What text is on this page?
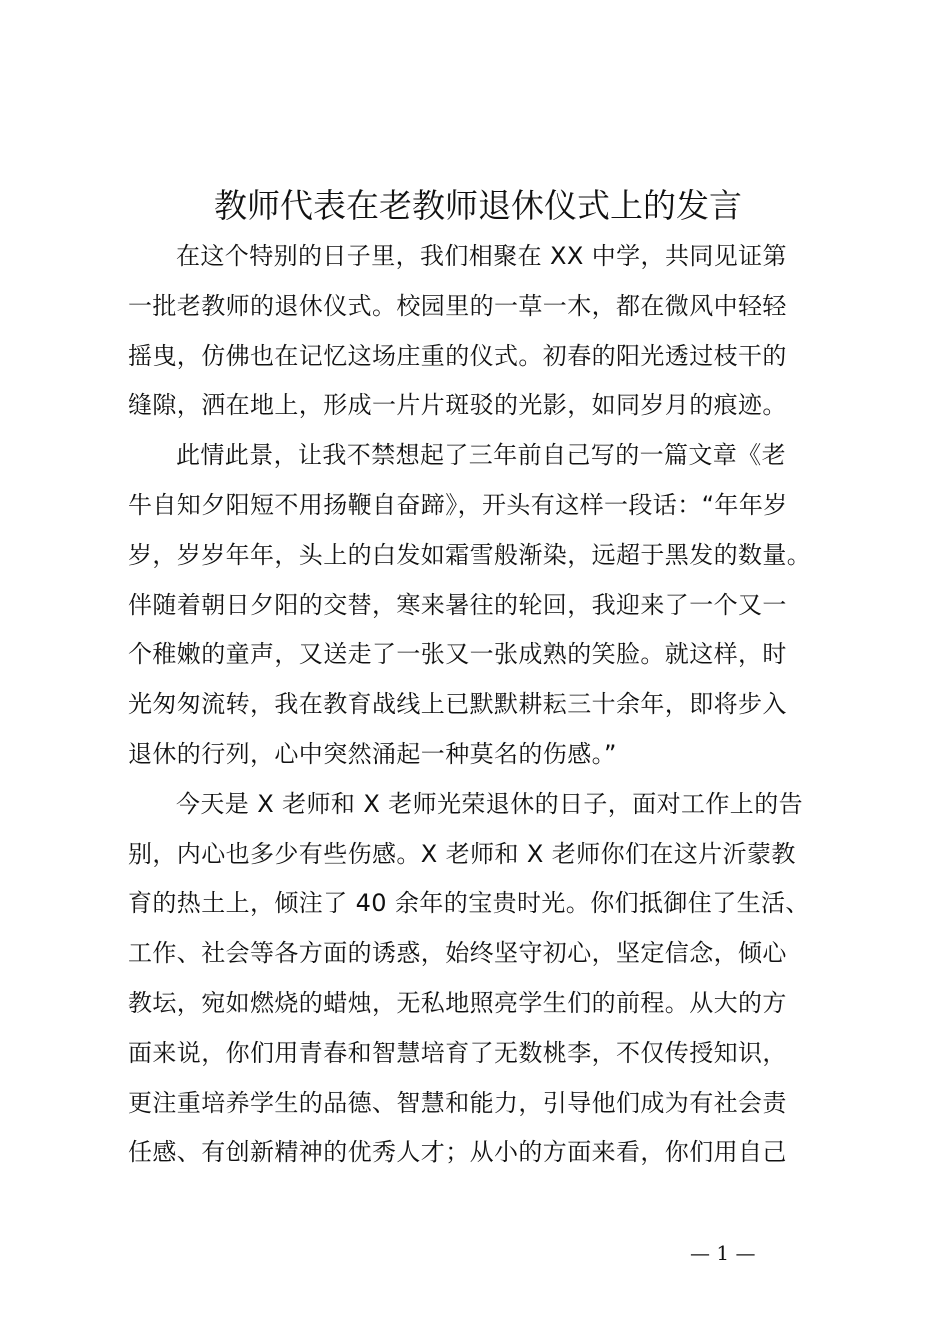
教师代表在老教师退休仪式上的发言
在这个特别的日子里，我们相聚在 XX 中学，共同见证第
一批老教师的退休仪式。校园里的一草一木，都在微风中轻轻
摇曳，仿佛也在记忆这场庄重的仪式。初春的阳光透过枝干的
缝隙，洒在地上，形成一片片斑驳的光影，如同岁月的痕迹。
此情此景，让我不禁想起了三年前自己写的一篇文章《老
牛自知夕阳短不用扬鞭自奋蹄》，开头有这样一段话：“年年岁
岁，岁岁年年，头上的白发如霜雪般渐染，远超于黑发的数量。
伴随着朝日夕阳的交替，寒来暑往的轮回，我迎来了一个又一
个稚嫩的童声，又送走了一张又一张成熟的笑脸。就这样，时
光匆匆流转，我在教育战线上已默默耕耘三十余年，即将步入
退休的行列，心中突然涌起一种莫名的伤感。”
今天是 X 老师和 X 老师光荣退休的日子，面对工作上的告
别，内心也多少有些伤感。X 老师和 X 老师你们在这片沂蒙教
育的热土上，倾注了 40 余年的宝贵时光。你们抵御住了生活、
工作、社会等各方面的诱惑，始终坚守初心，坚定信念，倾心
教坛，宛如燃烧的蜡烛，无私地照亮学生们的前程。从大的方
面来说，你们用青春和智慧培育了无数桃李，不仅传授知识，
更注重培养学生的品德、智慧和能力，引导他们成为有社会责
任感、有创新精神的优秀人才；从小的方面来看，你们用自己
— 1 —
